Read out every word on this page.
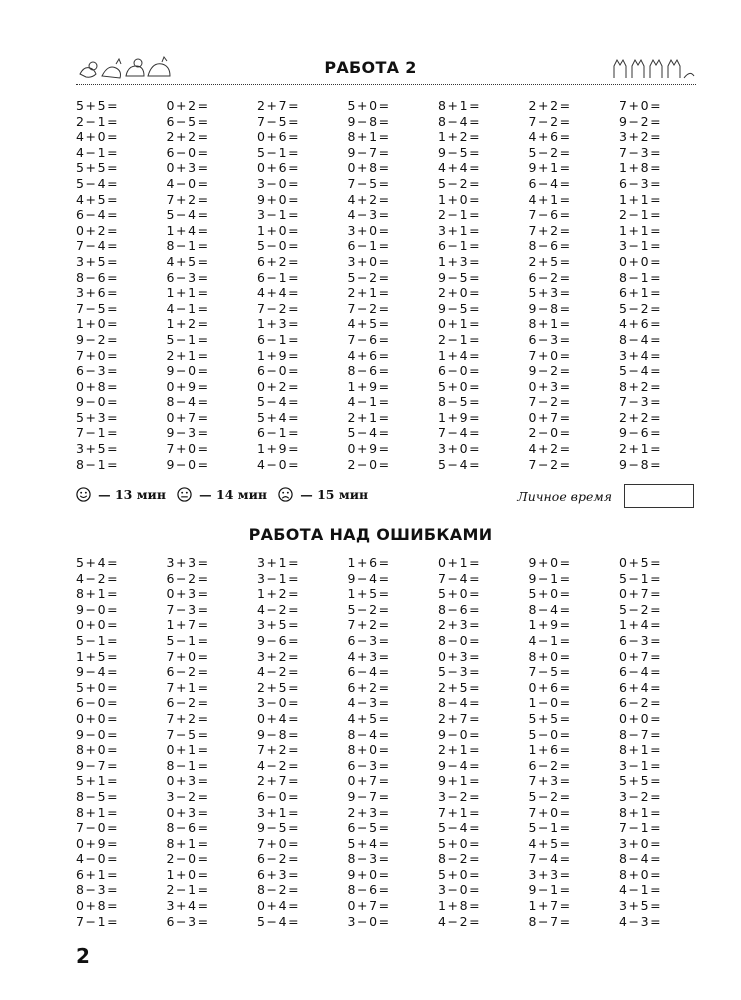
РАБОТА 2
5+5=	0+2=	2+7=	5+0=	8+1=	2+2=	7+0=
2−1=	6−5=	7−5=	9−8=	8−4=	7−2=	9−2=
4+0=	2+2=	0+6=	8+1=	1+2=	4+6=	3+2=
4−1=	6−0=	5−1=	9−7=	9−5=	5−2=	7−3=
5+5=	0+3=	0+6=	0+8=	4+4=	9+1=	1+8=
5−4=	4−0=	3−0=	7−5=	5−2=	6−4=	6−3=
4+5=	7+2=	9+0=	4+2=	1+0=	4+1=	1+1=
6−4=	5−4=	3−1=	4−3=	2−1=	7−6=	2−1=
0+2=	1+4=	1+0=	3+0=	3+1=	7+2=	1+1=
7−4=	8−1=	5−0=	6−1=	6−1=	8−6=	3−1=
3+5=	4+5=	6+2=	3+0=	1+3=	2+5=	0+0=
8−6=	6−3=	6−1=	5−2=	9−5=	6−2=	8−1=
3+6=	1+1=	4+4=	2+1=	2+0=	5+3=	6+1=
7−5=	4−1=	7−2=	7−2=	9−5=	9−8=	5−2=
1+0=	1+2=	1+3=	4+5=	0+1=	8+1=	4+6=
9−2=	5−1=	6−1=	7−6=	2−1=	6−3=	8−4=
7+0=	2+1=	1+9=	4+6=	1+4=	7+0=	3+4=
6−3=	9−0=	6−0=	8−6=	6−0=	9−2=	5−4=
0+8=	0+9=	0+2=	1+9=	5+0=	0+3=	8+2=
9−0=	8−4=	5−4=	4−1=	8−5=	7−2=	7−3=
5+3=	0+7=	5+4=	2+1=	1+9=	0+7=	2+2=
7−1=	9−3=	6−1=	5−4=	7−4=	2−0=	9−6=
3+5=	7+0=	1+9=	0+9=	3+0=	4+2=	2+1=
8−1=	9−0=	4−0=	2−0=	5−4=	7−2=	9−8=
— 13 мин	— 14 мин	— 15 мин	Личное время
РАБОТА НАД ОШИБКАМИ
5+4=	3+3=	3+1=	1+6=	0+1=	9+0=	0+5=
4−2=	6−2=	3−1=	9−4=	7−4=	9−1=	5−1=
8+1=	0+3=	1+2=	1+5=	5+0=	5+0=	0+7=
9−0=	7−3=	4−2=	5−2=	8−6=	8−4=	5−2=
0+0=	1+7=	3+5=	7+2=	2+3=	1+9=	1+4=
5−1=	5−1=	9−6=	6−3=	8−0=	4−1=	6−3=
1+5=	7+0=	3+2=	4+3=	0+3=	8+0=	0+7=
9−4=	6−2=	4−2=	6−4=	5−3=	7−5=	6−4=
5+0=	7+1=	2+5=	6+2=	2+5=	0+6=	6+4=
6−0=	6−2=	3−0=	4−3=	8−4=	1−0=	6−2=
0+0=	7+2=	0+4=	4+5=	2+7=	5+5=	0+0=
9−0=	7−5=	9−8=	8−4=	9−0=	5−0=	8−7=
8+0=	0+1=	7+2=	8+0=	2+1=	1+6=	8+1=
9−7=	8−1=	4−2=	6−3=	9−4=	6−2=	3−1=
5+1=	0+3=	2+7=	0+7=	9+1=	7+3=	5+5=
8−5=	3−2=	6−0=	9−7=	3−2=	5−2=	3−2=
8+1=	0+3=	3+1=	2+3=	7+1=	7+0=	8+1=
7−0=	8−6=	9−5=	6−5=	5−4=	5−1=	7−1=
0+9=	8+1=	7+0=	5+4=	5+0=	4+5=	3+0=
4−0=	2−0=	6−2=	8−3=	8−2=	7−4=	8−4=
6+1=	1+0=	6+3=	9+0=	5+0=	3+3=	8+0=
8−3=	2−1=	8−2=	8−6=	3−0=	9−1=	4−1=
0+8=	3+4=	0+4=	0+7=	1+8=	1+7=	3+5=
7−1=	6−3=	5−4=	3−0=	4−2=	8−7=	4−3=
2
